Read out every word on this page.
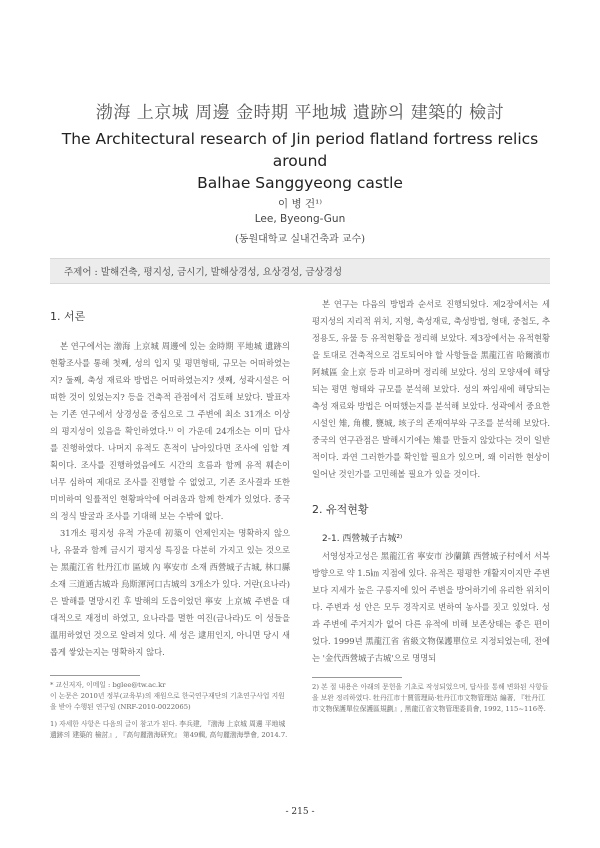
渤海 上京城 周邊 金時期 平地城 遺跡의 建築的 檢討
The Architectural research of Jin period flatland fortress relics around
Balhae Sanggyeong castle
이 병 건¹⁾
Lee, Byeong-Gun
(동원대학교 실내건축과 교수)
주제어 : 발해건축, 평지성, 금시기, 발해상경성, 요상경성, 금상경성
1. 서론

본 연구에서는 渤海 上京城 周邊에 있는 金時期 平地城 遺跡의 현황조사를 통해 첫째, 성의 입지 및 평면형태, 규모는 어떠하였는지? 둘째, 축성 재료와 방법은 어떠하였는지? 셋째, 성곽시설은 어떠한 것이 있었는지? 등을 건축적 관점에서 검토해 보았다. 발표자는 기존 연구에서 상경성을 중심으로 그 주변에 최소 31개소 이상의 평지성이 있음을 확인하였다.¹⁾ 이 가운데 24개소는 이미 답사를 진행하였다. 나머지 유적도 흔적이 남아있다면 조사에 임할 계획이다. 조사를 진행하였음에도 시간의 흐름과 함께 유적 훼손이 너무 심하여 제대로 조사를 진행할 수 없었고, 기존 조사결과 또한 미비하여 일률적인 현황파악에 어려움과 함께 한계가 있었다. 중국의 정식 발굴과 조사를 기대해 보는 수밖에 없다.

31개소 평지성 유적 가운데 初築이 언제인지는 명확하지 않으나, 유물과 함께 금시기 평지성 특징을 다분히 가지고 있는 것으로는 黑龍江省 牡丹江市 區域 內 寧安市 소재 西營城子古城, 林口縣 소재 三道通古城과 烏斯渾河口古城의 3개소가 있다. 거란(요나라)은 발해를 멸망시킨 후 발해의 도읍이었던 寧安 上京城 주변을 대대적으로 재정비 하였고, 요나라를 멸한 여진(금나라)도 이 성들을 溫用하였던 것으로 알려져 있다. 세 성은 逮用인지, 아니면 당시 새롭게 쌓았는지는 명확하지 않다.

* 교신저자, 이메일 : bglee@tw.ac.kr
이 논문은 2010년 정부(교육부)의 재원으로 한국연구재단의 기초연구사업 지원을 받아 수행된 연구임 (NRF-2010-0022065)
1) 자세한 사항은 다음의 글이 참고가 된다. 李兵建, 『渤海 上京城 周邊 平地城 遺跡의 建築的 檢討』, 『高句麗渤海研究』 第49輯, 高句麗渤海學會, 2014.7.

본 연구는 다음의 방법과 순서로 진행되었다. 제2장에서는 세 평지성의 지리적 위치, 지형, 축성재료, 축성방법, 형태, 중첩도, 추정용도, 유물 등 유적현황을 정리해 보았다. 제3장에서는 유적현황을 토대로 건축적으로 검토되어야 할 사항들을 黑龍江省 哈爾濱市 阿城區 金上京 등과 비교하며 정리해 보았다. 성의 모양새에 해당되는 평면 형태와 규모를 분석해 보았다. 성의 짜임새에 해당되는 축성 재료와 방법은 어떠했는지를 분석해 보았다. 성곽에서 중요한 시설인 雉, 角樓, 甕城, 垓子의 존재여부와 구조를 분석해 보았다. 중국의 연구관점은 발해시기에는 雉를 만들지 않았다는 것이 일반적이다. 과연 그러한가를 확인할 필요가 있으며, 왜 이러한 현상이 일어난 것인가를 고민해볼 필요가 있을 것이다.

2. 유적현황
2-1. 西營城子古城²⁾

서영성자고성은 黑龍江省 寧安市 沙蘭鎮 西營城子村에서 서북 방향으로 약 1.5㎞ 지점에 있다. 유적은 평평한 개활지이지만 주변보다 지세가 높은 구릉지에 있어 주변을 방어하기에 유리한 위치이다. 주변과 성 안은 모두 경작지로 변하여 농사를 짓고 있었다. 성과 주변에 주거지가 없어 다른 유적에 비해 보존상태는 좋은 편이었다. 1999년 黑龍江省 省級文物保護單位로 지정되었는데, 전에는 '金代西營城子古城'으로 명명되

2) 본 절 내용은 아래의 문헌을 기초로 작성되었으며, 답사를 통해 변화된 사항들을 보완 정리하였다. 牡丹江市十賈管理局·牡丹江市文物管理站 編著, 『牡丹江市文物保護單位保護區規劃』, 黑龍江省文物管理委員會, 1992, 115~116쪽.
- 215 -
